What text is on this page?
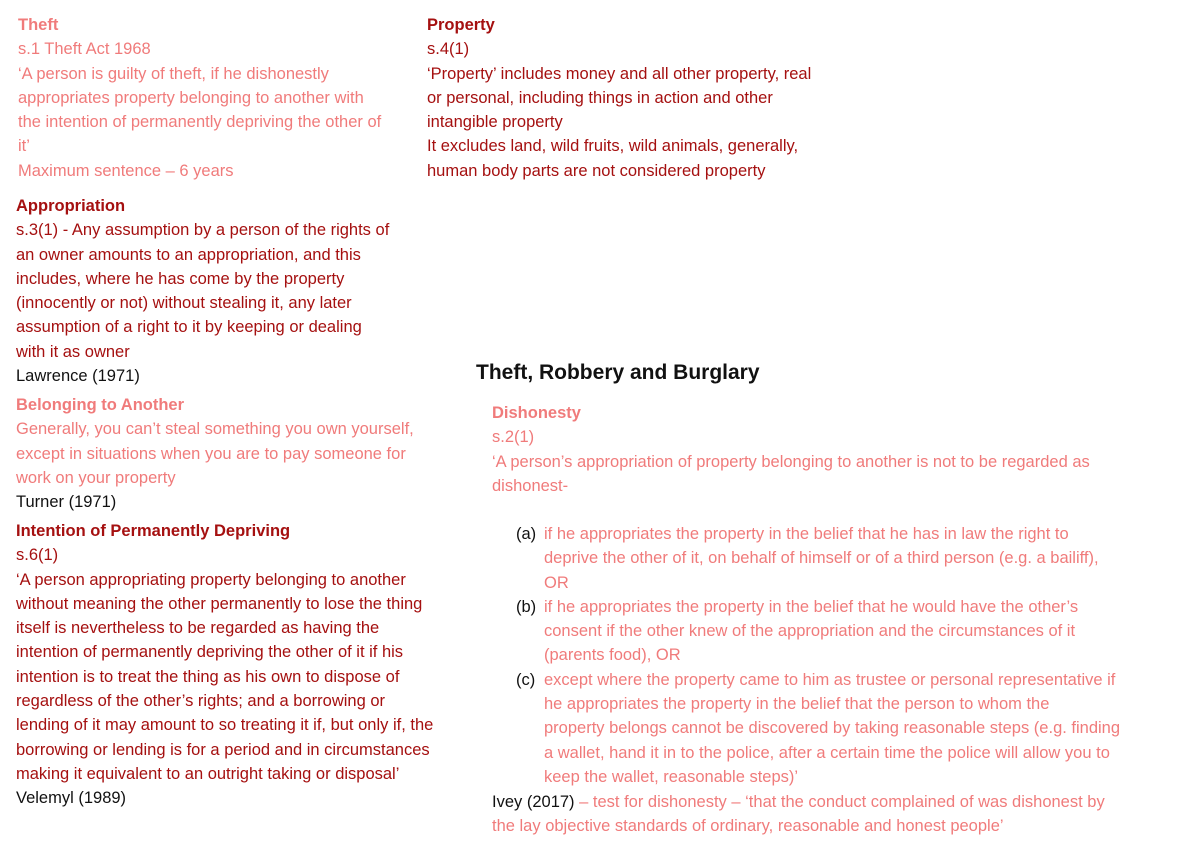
Theft
s.1 Theft Act 1968
‘A person is guilty of theft, if he dishonestly
appropriates property belonging to another with
the intention of permanently depriving the other of
it’
Maximum sentence – 6 years
Property
s.4(1)
‘Property’ includes money and all other property, real
or personal, including things in action and other
intangible property
It excludes land, wild fruits, wild animals, generally,
human body parts are not considered property
Appropriation
s.3(1) - Any assumption by a person of the rights of
an owner amounts to an appropriation, and this
includes, where he has come by the property
(innocently or not) without stealing it, any later
assumption of a right to it by keeping or dealing
with it as owner
Lawrence (1971)	Theft, Robbery and Burglary
Belonging to Another
Generally, you can’t steal something you own yourself,
except in situations when you are to pay someone for
work on your property
Turner (1971)
Intention of Permanently Depriving
s.6(1)
‘A person appropriating property belonging to another
without meaning the other permanently to lose the thing
itself is nevertheless to be regarded as having the
intention of permanently depriving the other of it if his
intention is to treat the thing as his own to dispose of
regardless of the other’s rights; and a borrowing or
lending of it may amount to so treating it if, but only if, the
borrowing or lending is for a period and in circumstances
making it equivalent to an outright taking or disposal’
Velemyl (1989)
Dishonesty
s.2(1)
‘A person’s appropriation of property belonging to another is not to be regarded as
dishonest-
(a) if he appropriates the property in the belief that he has in law the right to
deprive the other of it, on behalf of himself or of a third person (e.g. a bailiff),
OR
(b) if he appropriates the property in the belief that he would have the other’s
consent if the other knew of the appropriation and the circumstances of it
(parents food), OR
(c) except where the property came to him as trustee or personal representative if
he appropriates the property in the belief that the person to whom the
property belongs cannot be discovered by taking reasonable steps (e.g. finding
a wallet, hand it in to the police, after a certain time the police will allow you to
keep the wallet, reasonable steps)’
Ivey (2017) – test for dishonesty – ‘that the conduct complained of was dishonest by
the lay objective standards of ordinary, reasonable and honest people’
